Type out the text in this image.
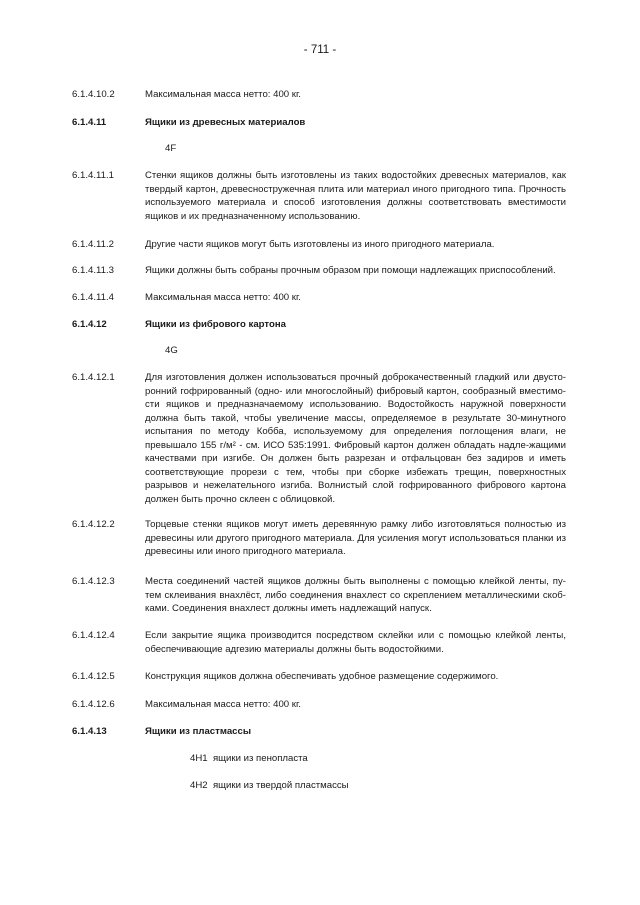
- 711 -
6.1.4.10.2	Максимальная масса нетто: 400 кг.
6.1.4.11	Ящики из древесных материалов
4F
6.1.4.11.1	Стенки ящиков должны быть изготовлены из таких водостойких древесных материалов, как твердый картон, древесностружечная плита или материал иного пригодного типа. Прочность используемого материала и способ изготовления должны соответствовать вместимости ящиков и их предназначенному использованию.
6.1.4.11.2	Другие части ящиков могут быть изготовлены из иного пригодного материала.
6.1.4.11.3	Ящики должны быть собраны прочным образом при помощи надлежащих приспособлений.
6.1.4.11.4	Максимальная масса нетто: 400 кг.
6.1.4.12	Ящики из фибрового картона
4G
6.1.4.12.1	Для изготовления должен использоваться прочный доброкачественный гладкий или двусто-ронний гофрированный (одно- или многослойный) фибровый картон, сообразный вместимо-сти ящиков и предназначаемому использованию. Водостойкость наружной поверхности должна быть такой, чтобы увеличение массы, определяемое в результате 30-минутного испытания по методу Кобба, используемому для определения поглощения влаги, не превышало 155 г/м² - см. ИСО 535:1991. Фибровый картон должен обладать надле-жащими качествами при изгибе. Он должен быть разрезан и отфальцован без задиров и иметь соответствующие прорези с тем, чтобы при сборке избежать трещин, поверхностных разрывов и нежелательного изгиба. Волнистый слой гофрированного фибрового картона должен быть прочно склеен с облицовкой.
6.1.4.12.2	Торцевые стенки ящиков могут иметь деревянную рамку либо изготовляться полностью из древесины или другого пригодного материала. Для усиления могут использоваться планки из древесины или иного пригодного материала.
6.1.4.12.3	Места соединений частей ящиков должны быть выполнены с помощью клейкой ленты, пу-тем склеивания внахлёст, либо соединения внахлест со скреплением металлическими скоб-ками. Соединения внахлест должны иметь надлежащий напуск.
6.1.4.12.4	Если закрытие ящика производится посредством склейки или с помощью клейкой ленты, обеспечивающие адгезию материалы должны быть водостойкими.
6.1.4.12.5	Конструкция ящиков должна обеспечивать удобное размещение содержимого.
6.1.4.12.6	Максимальная масса нетто: 400 кг.
6.1.4.13	Ящики из пластмассы
4H1 ящики из пенопласта
4H2 ящики из твердой пластмассы
